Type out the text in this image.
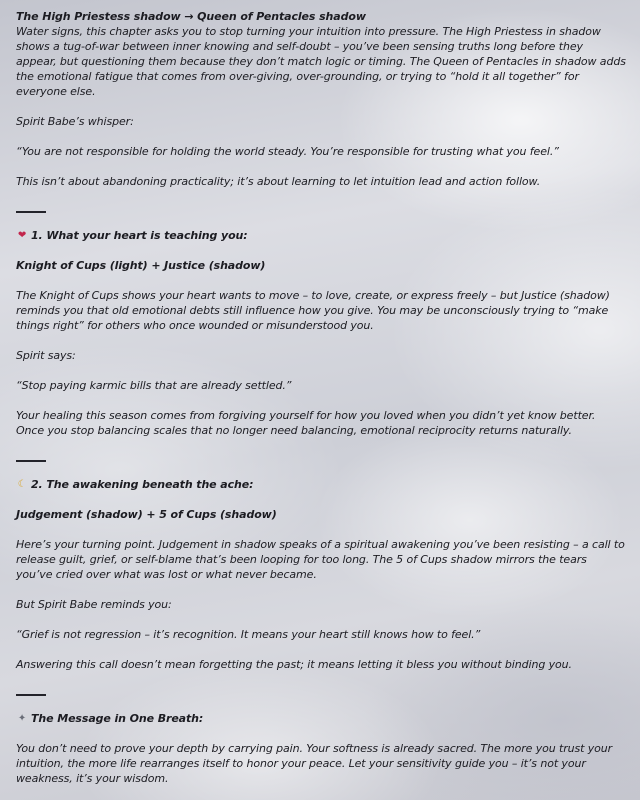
The High Priestess shadow → Queen of Pentacles shadow

Water signs, this chapter asks you to stop turning your intuition into pressure. The High Priestess in shadow shows a tug-of-war between inner knowing and self-doubt – you’ve been sensing truths long before they appear, but questioning them because they don’t match logic or timing. The Queen of Pentacles in shadow adds the emotional fatigue that comes from over-giving, over-grounding, or trying to “hold it all together” for everyone else.

Spirit Babe’s whisper:

“You are not responsible for holding the world steady. You’re responsible for trusting what you feel.”

This isn’t about abandoning practicality; it’s about learning to let intuition lead and action follow.

❤ 1. What your heart is teaching you:

Knight of Cups (light) + Justice (shadow)

The Knight of Cups shows your heart wants to move – to love, create, or express freely – but Justice (shadow) reminds you that old emotional debts still influence how you give. You may be unconsciously trying to “make things right” for others who once wounded or misunderstood you.

Spirit says:

“Stop paying karmic bills that are already settled.”

Your healing this season comes from forgiving yourself for how you loved when you didn’t yet know better. Once you stop balancing scales that no longer need balancing, emotional reciprocity returns naturally.

☾ 2. The awakening beneath the ache:

Judgement (shadow) + 5 of Cups (shadow)

Here’s your turning point. Judgement in shadow speaks of a spiritual awakening you’ve been resisting – a call to release guilt, grief, or self-blame that’s been looping for too long. The 5 of Cups shadow mirrors the tears you’ve cried over what was lost or what never became.

But Spirit Babe reminds you:

“Grief is not regression – it’s recognition. It means your heart still knows how to feel.”

Answering this call doesn’t mean forgetting the past; it means letting it bless you without binding you.

✦ The Message in One Breath:

You don’t need to prove your depth by carrying pain. Your softness is already sacred. The more you trust your intuition, the more life rearranges itself to honor your peace. Let your sensitivity guide you – it’s not your weakness, it’s your wisdom.
